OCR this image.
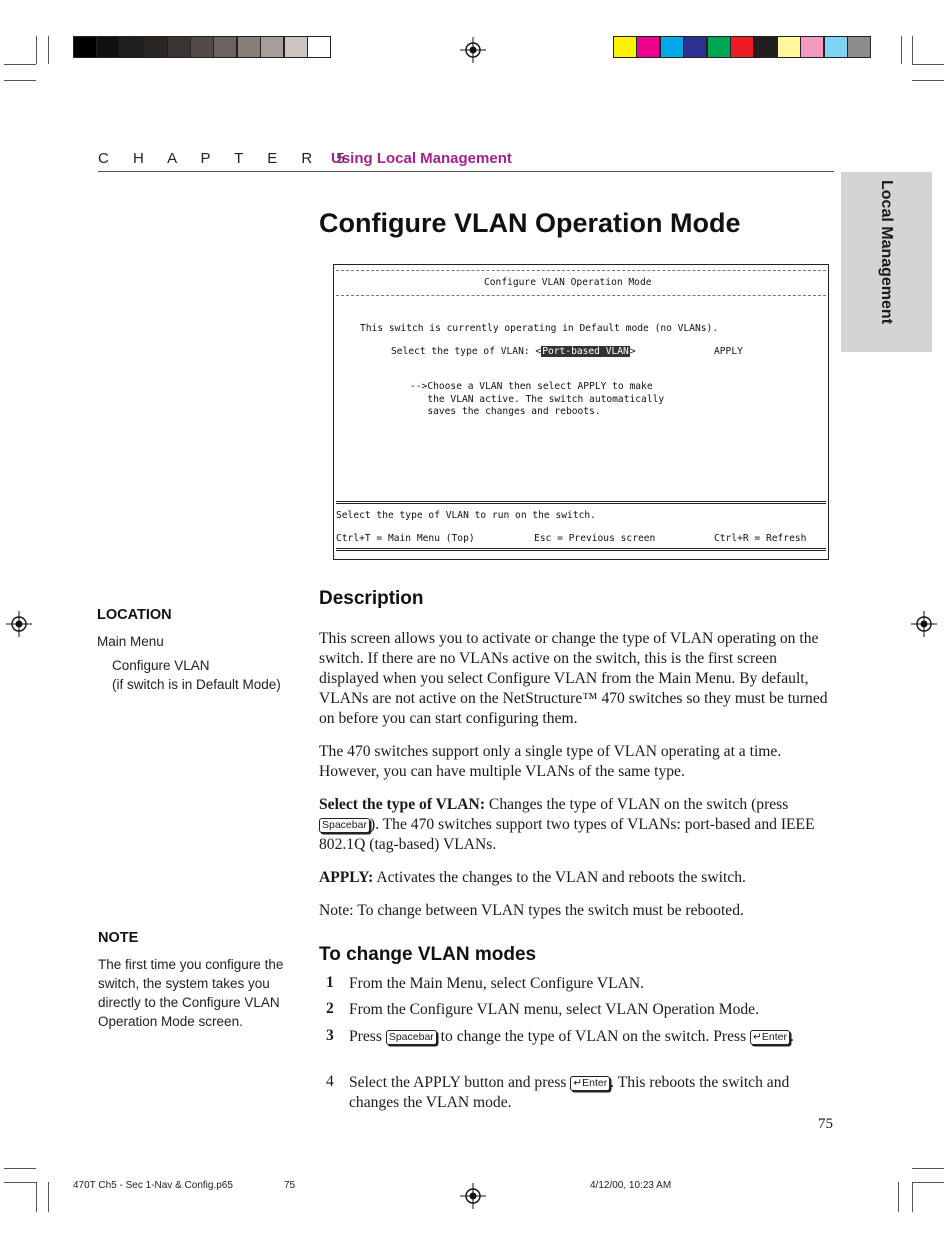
C H A P T E R 5
Using Local Management
Local Management
Configure VLAN Operation Mode
Configure VLAN Operation Mode
This switch is currently operating in Default mode (no VLANs).
Select the type of VLAN: <Port-based VLAN>	APPLY
-->Choose a VLAN then select APPLY to make
the VLAN active. The switch automatically
saves the changes and reboots.
Select the type of VLAN to run on the switch.
Ctrl+T = Main Menu (Top)	Esc = Previous screen	Ctrl+R = Refresh
LOCATION
Main Menu
Configure VLAN
(if switch is in Default Mode)
NOTE
The first time you configure the switch, the system takes you directly to the Configure VLAN Operation Mode screen.
Description
This screen allows you to activate or change the type of VLAN operating on the switch. If there are no VLANs active on the switch, this is the first screen displayed when you select Configure VLAN from the Main Menu. By default, VLANs are not active on the NetStructure™ 470 switches so they must be turned on before you can start configuring them.
The 470 switches support only a single type of VLAN operating at a time. However, you can have multiple VLANs of the same type.
Select the type of VLAN: Changes the type of VLAN on the switch (press Spacebar ). The 470 switches support two types of VLANs: port-based and IEEE 802.1Q (tag-based) VLANs.
APPLY: Activates the changes to the VLAN and reboots the switch.
Note: To change between VLAN types the switch must be rebooted.
To change VLAN modes
1 From the Main Menu, select Configure VLAN.
2 From the Configure VLAN menu, select VLAN Operation Mode.
3 Press Spacebar to change the type of VLAN on the switch. Press ↵Enter .
4 Select the APPLY button and press ↵Enter . This reboots the switch and changes the VLAN mode.
75
470T Ch5 - Sec 1-Nav & Config.p65	75	4/12/00, 10:23 AM
